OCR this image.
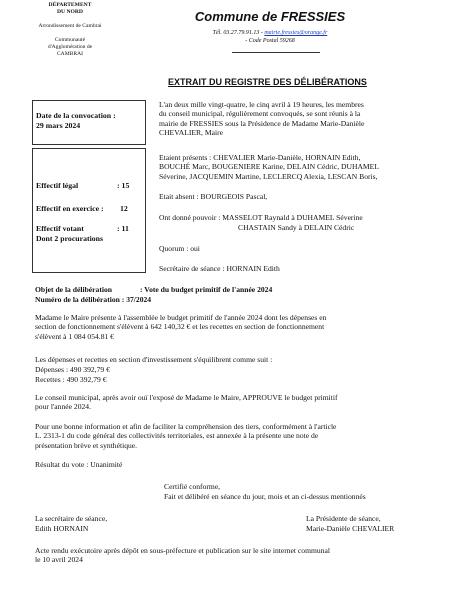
DÉPARTEMENT
DU NORD
Arrondissement de Cambrai
Communauté
d'Agglomération de
CAMBRAI
Commune de FRESSIES
Tél. 03.27.79.91.13 - mairie.fressies@orange.fr
- Code Postal 59268
EXTRAIT DU REGISTRE DES DÉLIBÉRATIONS
Date de la convocation :
29 mars 2024
Effectif légal	: 15
Effectif en exercice : 12
Effectif votant	: 11
Dont 2 procurations
L'an deux mille vingt-quatre, le cinq avril à 19 heures, les membres
du conseil municipal, régulièrement convoqués, se sont réunis à la
mairie de FRESSIES sous la Présidence de Madame Marie-Danièle
CHEVALIER, Maire
Etaient présents : CHEVALIER Marie-Danièle, HORNAIN Edith,
BOUCHÉ Marc, BOUGENIERE Karine, DELAIN Cédric, DUHAMEL
Séverine, JACQUEMIN Martine, LECLERCQ Alexia, LESCAN Boris,
Etait absent : BOURGEOIS Pascal,
Ont donné pouvoir : MASSELOT Raynald à DUHAMEL Séverine
CHASTAIN Sandy à DELAIN Cédric
Quorum : oui
Secrétaire de séance : HORNAIN Edith
Objet de la délibération	: Vote du budget primitif de l'année 2024
Numéro de la délibération : 37/2024
Madame le Maire présente à l'assemblée le budget primitif de l'année 2024 dont les dépenses en
section de fonctionnement s'élèvent à 642 140,32 € et les recettes en section de fonctionnement
s'élèvent à 1 084 054.81 €
Les dépenses et recettes en section d'investissement s'équilibrent comme suit :
Dépenses : 490 392,79 €
Recettes : 490 392,79 €
Le conseil municipal, après avoir ouï l'exposé de Madame le Maire, APPROUVE le budget primitif
pour l'année 2024.
Pour une bonne information et afin de faciliter la compréhension des tiers, conformément à l'article
L. 2313-1 du code général des collectivités territoriales, est annexée à la présente une note de
présentation brève et synthétique.
Résultat du vote : Unanimité
Certifié conforme,
Fait et délibéré en séance du jour, mois et an ci-dessus mentionnés
La secrétaire de séance,
Edith HORNAIN
La Présidente de séance,
Marie-Danièle CHEVALIER
Acte rendu exécutoire après dépôt en sous-préfecture et publication sur le site internet communal
le 10 avril 2024
